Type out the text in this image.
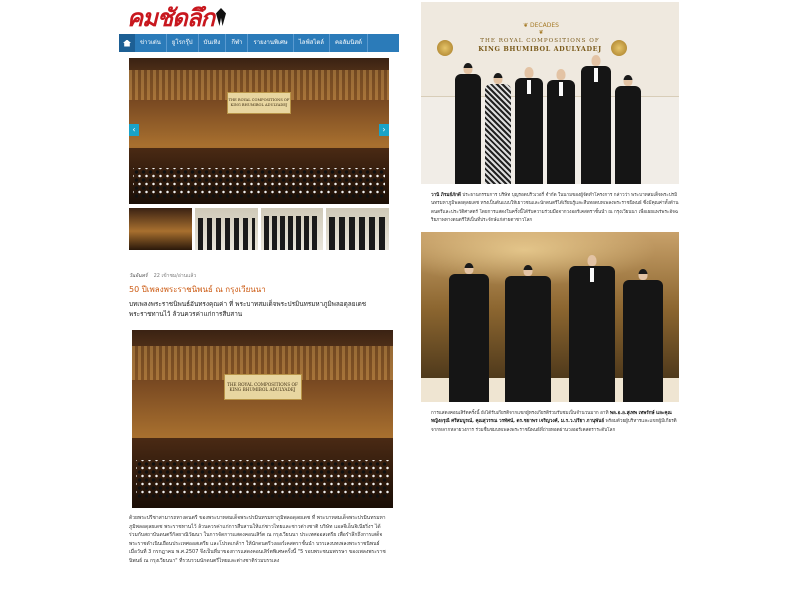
คมชัดลึก
ข่าวเด่น	ยูโรกรุ๊ป	บันเทิง	กีฬา	รายงานพิเศษ	ไลฟ์สไตล์	คอลัมนิสต์
THE ROYAL COMPOSITIONS OF
KING BHUMIBOL ADULYADEJ
‹	›
วันจันทร์ 22 เข้าชม/อ่านแล้ว
50 ปีเพลงพระราชนิพนธ์ ณ กรุงเวียนนา
บทเพลงพระราชนิพนธ์อันทรงคุณค่า ที่ พระบาทสมเด็จพระปรมินทรมหาภูมิพลอดุลยเดช พระราชทานไว้ ล้วนควรค่าแก่การสืบสาน
THE ROYAL COMPOSITIONS OF
KING BHUMIBOL ADULYADEJ
ด้วยพระปรีชาสามารถทางดนตรี ของพระบาทสมเด็จพระปรมินทรมหาภูมิพลอดุลยเดช ที่ พระบาทสมเด็จพระปรมินทรมหาภูมิพลอดุลยเดช พระราชทานไว้ ล้วนควรค่าแก่การสืบสานให้แก่ชาวไทยและชาวต่างชาติ บริษัท แอลจีเอ็นจิเนียริ่งฯ ได้ร่วมกับสถาบันดนตรีกัลยาณิวัฒนา ในการจัดการแสดงคอนเสิร์ต ณ กรุงเวียนนา ประเทศออสเตรีย เพื่อรำลึกถึงการเสด็จพระราชดำเนินเยือนประเทศออสเตรีย และโปรดเกล้าฯ ให้นักดนตรีวงออร์เคสตราชั้นนำ บรรเลงบทเพลงพระราชนิพนธ์ เมื่อวันที่ 3 กรกฎาคม พ.ศ.2507 จึงเป็นที่มาของการแสดงคอนเสิร์ตพิเศษครั้งนี้ "5 รอบพระชนมพรรษา ของเพลงพระราชนิพนธ์ ณ กรุงเวียนนา" ที่รวบรวมนักดนตรีไทยและต่างชาติร่วมบรรเลง
❦ DECADES ❦
THE ROYAL COMPOSITIONS OF
KING BHUMIBOL ADULYADEJ
วานิ ภิรมย์ภักดี ประธานกรรมการ บริษัท บุญรอดบริวเวอรี่ จำกัด ในนามของผู้จัดทำโครงการ กล่าวว่า พระบาทสมเด็จพระปรมินทรมหาภูมิพลอดุลยเดช ทรงเป็นต้นแบบให้เยาวชนและนักดนตรีได้เรียนรู้และสืบทอดบทเพลงพระราชนิพนธ์ ซึ่งมีคุณค่าทั้งด้านดนตรีและประวัติศาสตร์ โดยการแสดงในครั้งนี้ได้รับความร่วมมือจากวงออร์เคสตราชั้นนำ ณ กรุงเวียนนา เพื่อเผยแพร่พระอัจฉริยภาพทางดนตรีให้เป็นที่ประจักษ์แก่สายตาชาวโลก
การแสดงคอนเสิร์ตครั้งนี้ ยังได้รับเกียรติจากแขกผู้ทรงเกียรติร่วมรับชมเป็นจำนวนมาก อาทิ พล.อ.อ.สุเทพ เทพรักษ์ และคุณหญิงอรุณี ศรีสมบูรณ์, คุณสุวรรณ วรทัศน์, ดร.ชยาพร เจริญวงศ์, ม.ร.ว.ปรียา ภานุพันธ์ พร้อมด้วยผู้บริหารและแขกผู้มีเกียรติจากหลากหลายวงการ ร่วมชื่นชมบทเพลงพระราชนิพนธ์ที่ถ่ายทอดผ่านวงออร์เคสตราระดับโลก
